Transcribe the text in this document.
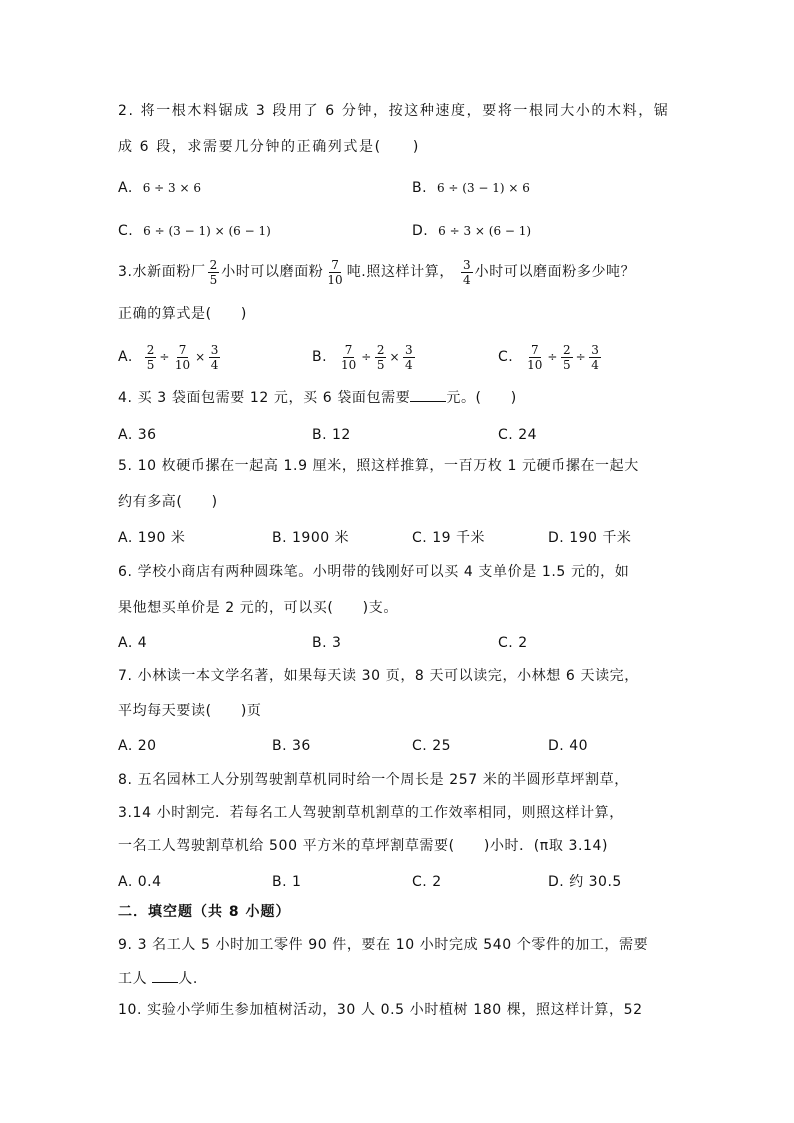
2. 将一根木料锯成 3 段用了 6 分钟，按这种速度，要将一根同大小的木料，锯
成 6 段，求需要几分钟的正确列式是(　　)
A. 6 ÷ 3 × 6	B. 6 ÷ (3 − 1) × 6
C. 6 ÷ (3 − 1) × (6 − 1)	D. 6 ÷ 3 × (6 − 1)
3.水新面粉厂 $\frac{2}{5}$ 小时可以磨面粉 $\frac{7}{10}$ 吨.照这样计算， $\frac{3}{4}$ 小时可以磨面粉多少吨？
正确的算式是(　　)
A. $\frac{2}{5} \div \frac{7}{10} \times \frac{3}{4}$	B. $\frac{7}{10} \div \frac{2}{5} \times \frac{3}{4}$	C. $\frac{7}{10} \div \frac{2}{5} \div \frac{3}{4}$
4. 买 3 袋面包需要 12 元，买 6 袋面包需要	元。(　　)
A. 36	B. 12	C. 24
5. 10 枚硬币摞在一起高 1.9 厘米，照这样推算，一百万枚 1 元硬币摞在一起大
约有多高(　　)
A. 190 米	B. 1900 米	C. 19 千米	D. 190 千米
6. 学校小商店有两种圆珠笔。小明带的钱刚好可以买 4 支单价是 1.5 元的，如
果他想买单价是 2 元的，可以买(　　)支。
A. 4	B. 3	C. 2
7. 小林读一本文学名著，如果每天读 30 页，8 天可以读完，小林想 6 天读完，
平均每天要读(　　)页
A. 20	B. 36	C. 25	D. 40
8. 五名园林工人分别驾驶割草机同时给一个周长是 257 米的半圆形草坪割草，
3.14 小时割完．若每名工人驾驶割草机割草的工作效率相同，则照这样计算，
一名工人驾驶割草机给 500 平方米的草坪割草需要(　　)小时．(π取 3.14)
A. 0.4	B. 1	C. 2	D. 约 30.5
二．填空题（共 8 小题）
9. 3 名工人 5 小时加工零件 90 件，要在 10 小时完成 540 个零件的加工，需要
工人 人.
10. 实验小学师生参加植树活动，30 人 0.5 小时植树 180 棵，照这样计算，52
